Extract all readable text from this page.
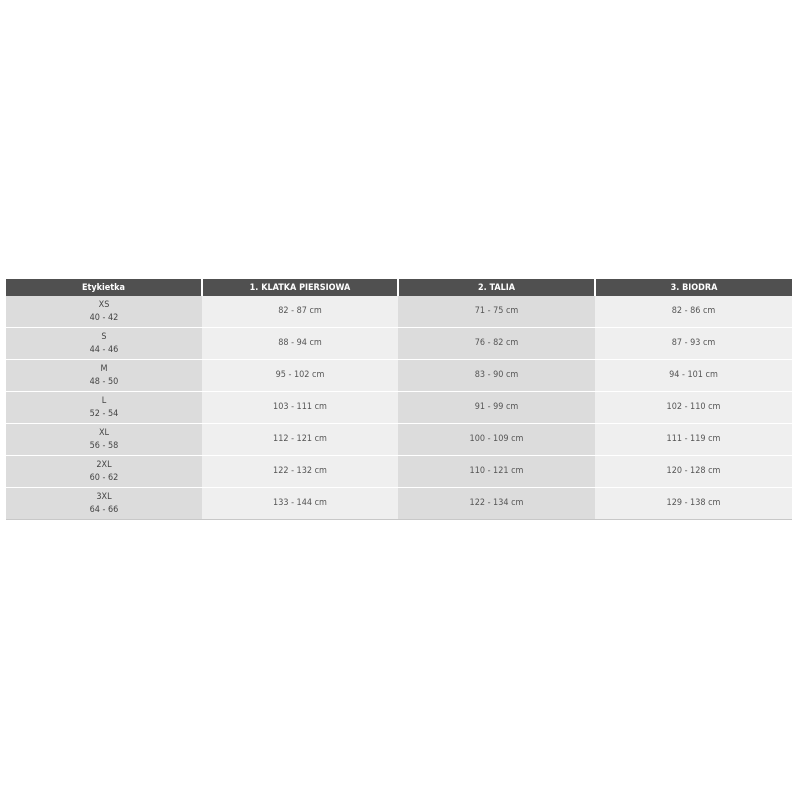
Etykietka	1. KLATKA PIERSIOWA	2. TALIA	3. BIODRA

XS
40 - 42	82 - 87 cm	71 - 75 cm	82 - 86 cm

S
44 - 46	88 - 94 cm	76 - 82 cm	87 - 93 cm

M
48 - 50	95 - 102 cm	83 - 90 cm	94 - 101 cm

L
52 - 54	103 - 111 cm	91 - 99 cm	102 - 110 cm

XL
56 - 58	112 - 121 cm	100 - 109 cm	111 - 119 cm

2XL
60 - 62	122 - 132 cm	110 - 121 cm	120 - 128 cm

3XL
64 - 66	133 - 144 cm	122 - 134 cm	129 - 138 cm
